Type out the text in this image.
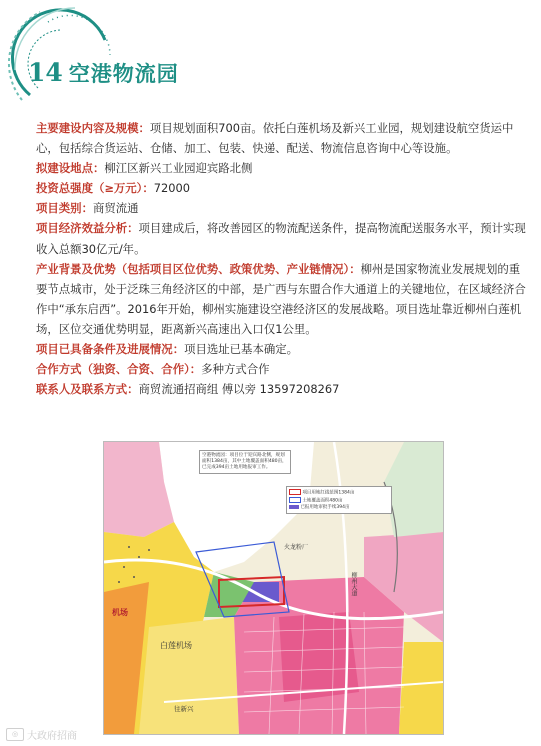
14 空港物流园

主要建设内容及规模：项目规划面积700亩。依托白莲机场及新兴工业园，规划建设航空货运中心，包括综合货运站、仓储、加工、包装、快递、配送、物流信息咨询中心等设施。

拟建设地点：柳江区新兴工业园迎宾路北侧

投资总强度（≥万元）：72000

项目类别：商贸流通

项目经济效益分析：项目建成后，将改善园区的物流配送条件，提高物流配送服务水平，预计实现收入总额30亿元/年。

产业背景及优势（包括项目区位优势、政策优势、产业链情况）：柳州是国家物流业发展规划的重要节点城市，处于泛珠三角经济区的中部，是广西与东盟合作大通道上的关键地位，在区域经济合作中“承东启西”。2016年开始，柳州实施建设空港经济区的发展战略。项目选址靠近柳州白莲机场，区位交通优势明显，距离新兴高速出入口仅1公里。

项目已具备条件及进展情况：项目选址已基本确定。

合作方式（独资、合资、合作）：多种方式合作

联系人及联系方式：商贸流通招商组 傅以旁 13597208267

空港物流园：项目位于迎宾路北侧，规划面积1384亩，其中土地覆盖面积480亩，已完成394亩土地用地报审工作。
项目用地红线范围1384亩
土地覆盖面积480亩
已报用地审批手续394亩
机场
白莲机场
往新兴
火龙粉厂
柳州大道
◎ 大政府招商
